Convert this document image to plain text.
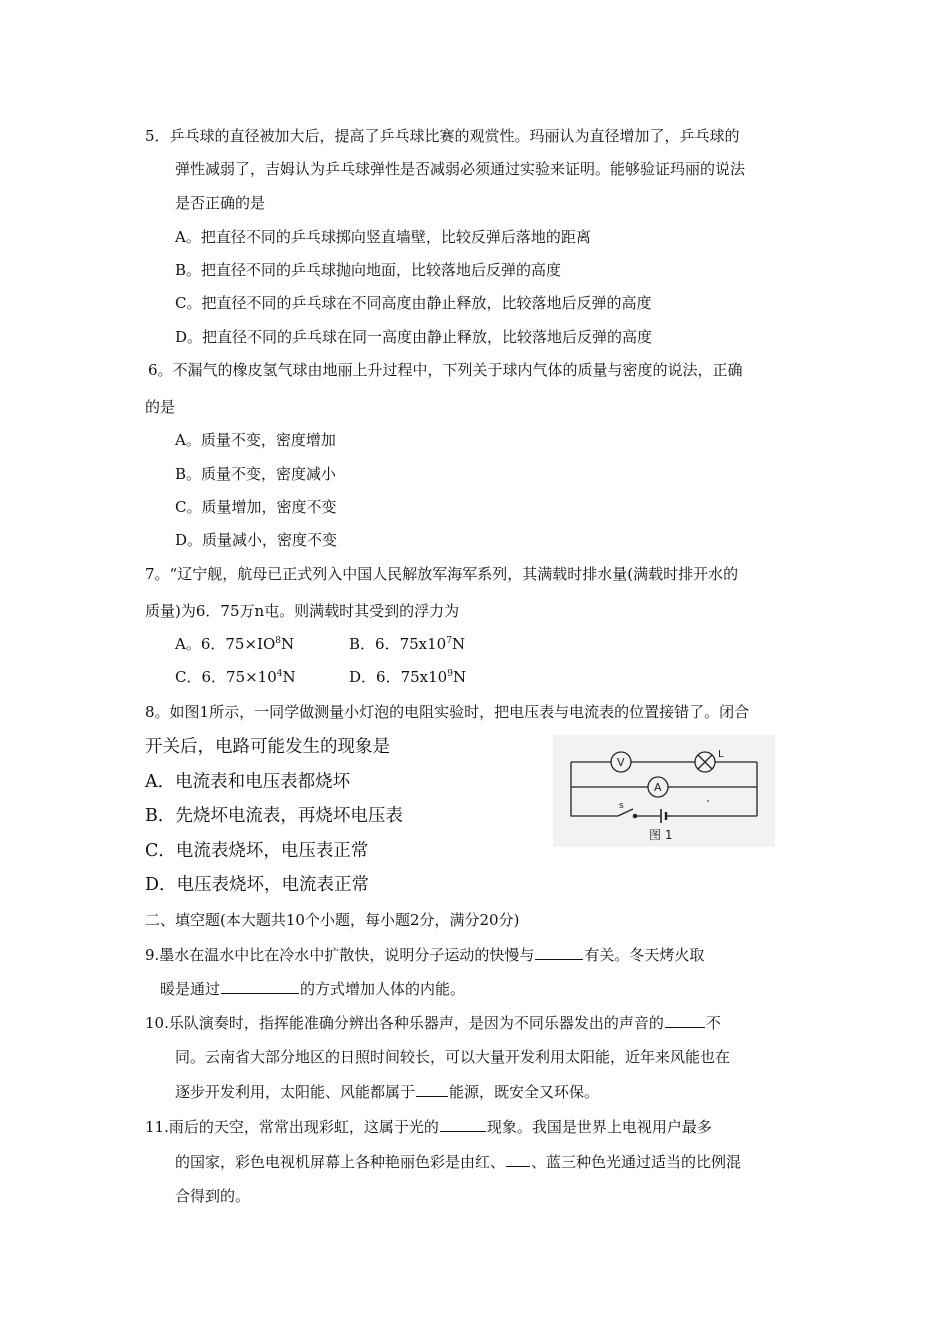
5．乒乓球的直径被加大后，提高了乒乓球比赛的观赏性。玛丽认为直径增加了，乒乓球的
弹性减弱了，吉姆认为乒乓球弹性是否减弱必须通过实验来证明。能够验证玛丽的说法
是否正确的是
A。把直径不同的乒乓球掷向竖直墙壁，比较反弹后落地的距离
B。把直径不同的乒乓球抛向地面，比较落地后反弹的高度
C。把直径不同的乒乓球在不同高度由静止释放，比较落地后反弹的高度
D。把直径不同的乒乓球在同一高度由静止释放，比较落地后反弹的高度
6。不漏气的橡皮氢气球由地丽上升过程中，下列关于球内气体的质量与密度的说法，正确
的是
A。质量不变，密度增加
B。质量不变，密度减小
C。质量增加，密度不变
D。质量减小，密度不变
7。“辽宁舰，航母已正式列入中国人民解放军海军系列，其满载时排水量(满载时排开水的
质量)为6．75万n屯。则满载时其受到的浮力为
A。6．$75\times IO^8N$	B．6．$75x10^7N$
C．6．$75\times 10^4N$	D．6．$75x10^9N$
8。如图1所示，一同学做测量小灯泡的电阻实验时，把电压表与电流表的位置接错了。闭合
开关后，电路可能发生的现象是
A．电流表和电压表都烧坏
B．先烧坏电流表，再烧坏电压表
C．电流表烧坏，电压表正常
D．电压表烧坏，电流表正常
V
A
L
s
图 1
二、填空题(本大题共10个小题，每小题2分，满分20分)
9.墨水在温水中比在冷水中扩散快，说明分子运动的快慢与	有关。冬天烤火取
暖是通过	的方式增加人体的内能。
10.乐队演奏时，指挥能准确分辨出各种乐器声，是因为不同乐器发出的声音的	不
同。云南省大部分地区的日照时间较长，可以大量开发利用太阳能，近年来风能也在
逐步开发利用，太阳能、风能都属于 能源，既安全又环保。
11.雨后的天空，常常出现彩虹，这属于光的	现象。我国是世界上电视用户最多
的国家，彩色电视机屏幕上各种艳丽色彩是由红、 、蓝三种色光通过适当的比例混
合得到的。
